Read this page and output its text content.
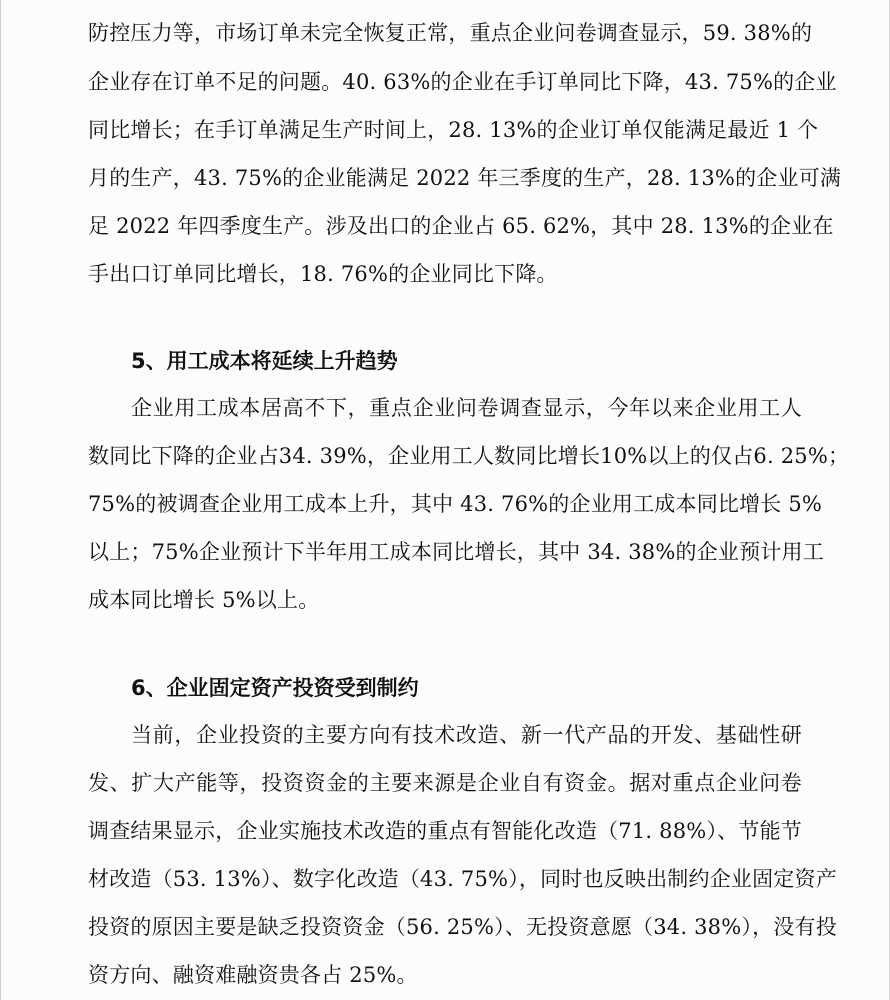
防控压力等，市场订单未完全恢复正常，重点企业问卷调查显示，59. 38%的
企业存在订单不足的问题。40. 63%的企业在手订单同比下降，43. 75%的企业
同比增长；在手订单满足生产时间上，28. 13%的企业订单仅能满足最近 1 个
月的生产，43. 75%的企业能满足 2022 年三季度的生产，28. 13%的企业可满
足 2022 年四季度生产。涉及出口的企业占 65. 62%，其中 28. 13%的企业在
手出口订单同比增长，18. 76%的企业同比下降。
5、用工成本将延续上升趋势
企业用工成本居高不下，重点企业问卷调查显示，今年以来企业用工人
数同比下降的企业占34. 39%，企业用工人数同比增长10%以上的仅占6. 25%；
75%的被调查企业用工成本上升，其中 43. 76%的企业用工成本同比增长 5%
以上；75%企业预计下半年用工成本同比增长，其中 34. 38%的企业预计用工
成本同比增长 5%以上。
6、企业固定资产投资受到制约
当前，企业投资的主要方向有技术改造、新一代产品的开发、基础性研
发、扩大产能等，投资资金的主要来源是企业自有资金。据对重点企业问卷
调查结果显示，企业实施技术改造的重点有智能化改造（71. 88%）、节能节
材改造（53. 13%）、数字化改造（43. 75%），同时也反映出制约企业固定资产
投资的原因主要是缺乏投资资金（56. 25%）、无投资意愿（34. 38%），没有投
资方向、融资难融资贵各占 25%。
